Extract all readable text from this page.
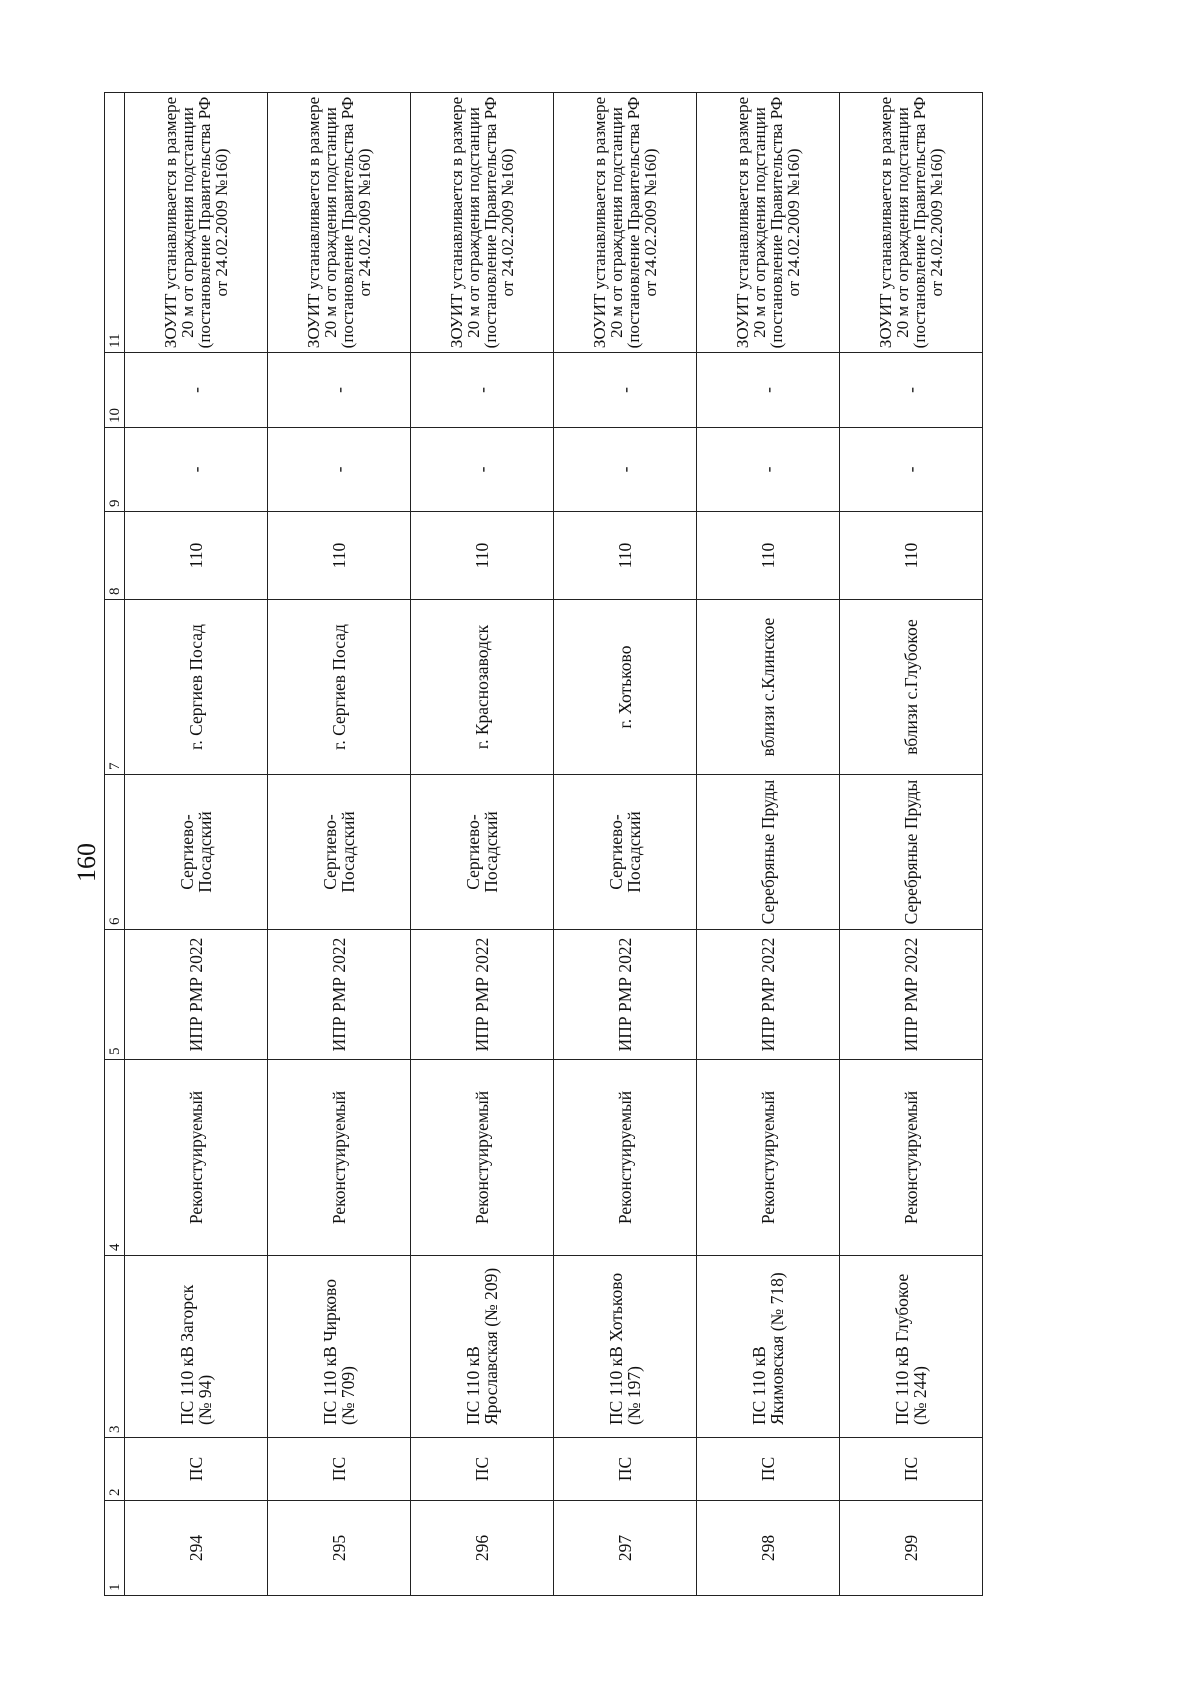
160
1	2	3	4	5	6	7	8	9	10	11
294	ПС	ПС 110 кВ Загорск (№ 94)	Реконстуируемый	ИПР РМР 2022	Сергиево-Посадский	г. Сергиев Посад	110	-	-	ЗОУИТ устанавливается в размере 20 м от ограждения подстанции (постановление Правительства РФ от 24.02.2009 №160)
295	ПС	ПС 110 кВ Чирково (№ 709)	Реконстуируемый	ИПР РМР 2022	Сергиево-Посадский	г. Сергиев Посад	110	-	-	ЗОУИТ устанавливается в размере 20 м от ограждения подстанции (постановление Правительства РФ от 24.02.2009 №160)
296	ПС	ПС 110 кВ Ярославская (№ 209)	Реконстуируемый	ИПР РМР 2022	Сергиево-Посадский	г. Краснозаводск	110	-	-	ЗОУИТ устанавливается в размере 20 м от ограждения подстанции (постановление Правительства РФ от 24.02.2009 №160)
297	ПС	ПС 110 кВ Хотьково (№ 197)	Реконстуируемый	ИПР РМР 2022	Сергиево-Посадский	г. Хотьково	110	-	-	ЗОУИТ устанавливается в размере 20 м от ограждения подстанции (постановление Правительства РФ от 24.02.2009 №160)
298	ПС	ПС 110 кВ Якимовская (№ 718)	Реконстуируемый	ИПР РМР 2022	Серебряные Пруды	вблизи с.Клинское	110	-	-	ЗОУИТ устанавливается в размере 20 м от ограждения подстанции (постановление Правительства РФ от 24.02.2009 №160)
299	ПС	ПС 110 кВ Глубокое (№ 244)	Реконстуируемый	ИПР РМР 2022	Серебряные Пруды	вблизи с.Глубокое	110	-	-	ЗОУИТ устанавливается в размере 20 м от ограждения подстанции (постановление Правительства РФ от 24.02.2009 №160)
